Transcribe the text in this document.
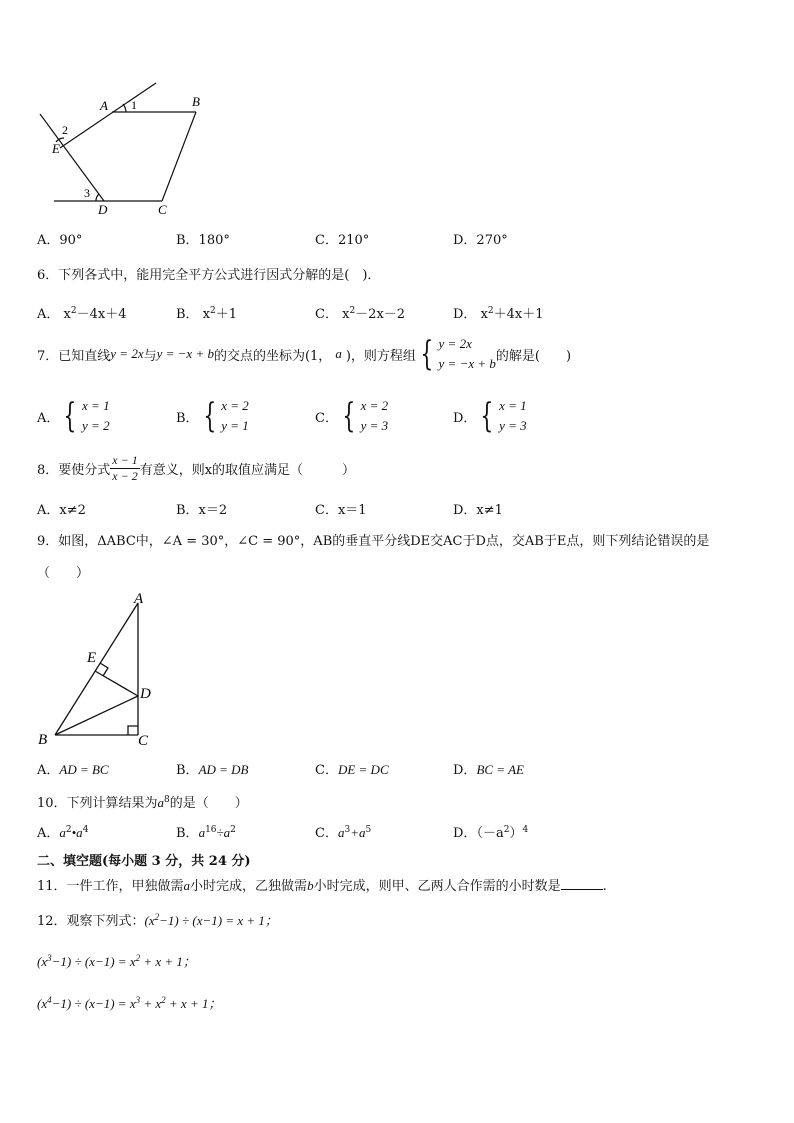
A 1	B
2
E
3
D	C
A．90°	B．180°	C．210°	D．270°
6．下列各式中，能用完全平方公式进行因式分解的是(　)．
A． $x^2-4x+4$	B． $x^2+1$	C． $x^2-2x-2$	D． $x^2+4x+1$
7．已知直线 y = 2x 与 y = −x + b 的交点的坐标为(1， a )，则方程组 { y = 2x
y = −x + b 的解是(　　)
A． { x = 1
y = 2	B． { x = 2
y = 1	C． { x = 2
y = 3	D． { x = 1
y = 3
8．要使分式 $\frac{x - 1}{x - 2}$ 有意义，则x的取值应满足（　　　）
A．x≠2	B．x＝2	C．x＝1	D．x≠1
9．如图，ΔABC中，∠A = 30°，∠C = 90°，AB的垂直平分线DE交AC于D点，交AB于E点，则下列结论错误的是
（　　）
A
E
D
B	C
A．AD = BC	B．AD = DB	C．DE = DC	D．BC = AE
10．下列计算结果为$a^8$的是（　　）
A．$a^2•a^4$	B．$a^{16}\div a^2$	C．$a^3+a^5$	D．$(-a^2)^4$
二、填空题(每小题 3 分，共 24 分)
11．一件工作，甲独做需a小时完成，乙独做需b小时完成，则甲、乙两人合作需的小时数是	.
12．观察下列式： $(x^2-1) \div (x-1) = x + 1$；
$(x^3-1) \div (x-1) = x^2 + x + 1$；
$(x^4-1) \div (x-1) = x^3 + x^2 + x + 1$；
